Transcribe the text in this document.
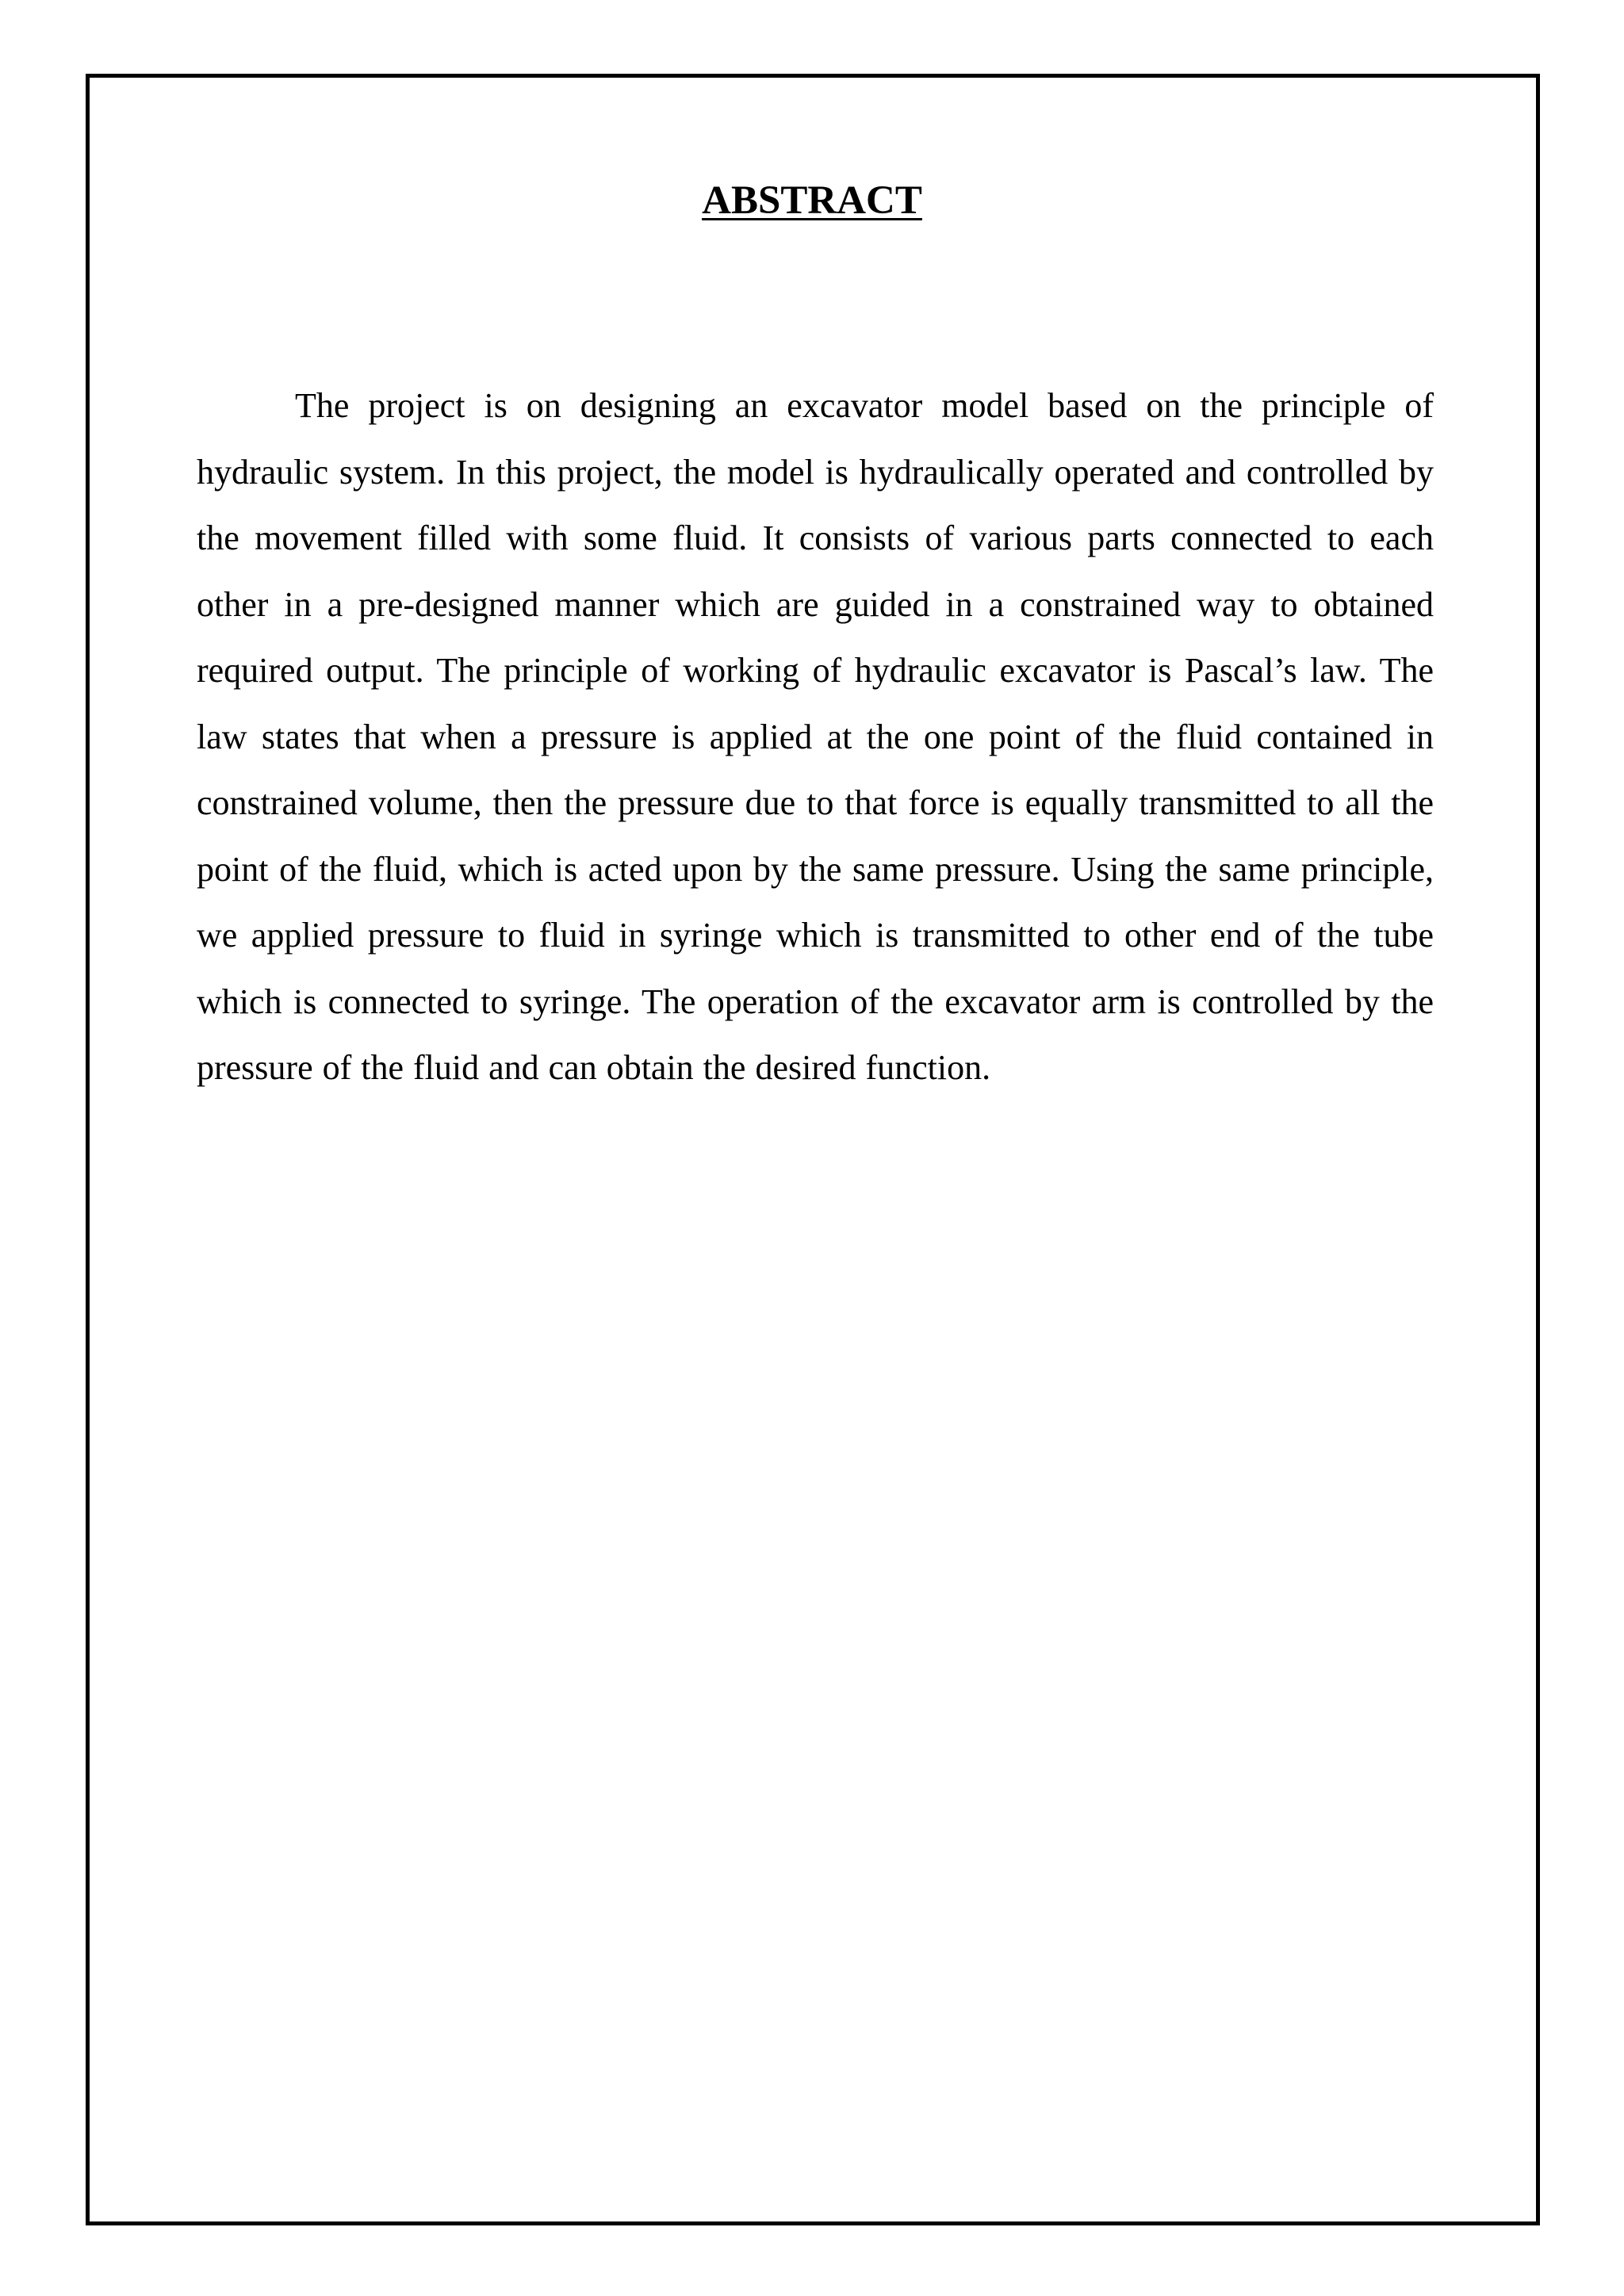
ABSTRACT

The project is on designing an excavator model based on the principle of hydraulic system. In this project, the model is hydraulically operated and controlled by the movement filled with some fluid. It consists of various parts connected to each other in a pre-designed manner which are guided in a constrained way to obtained required output. The principle of working of hydraulic excavator is Pascal’s law. The law states that when a pressure is applied at the one point of the fluid contained in constrained volume, then the pressure due to that force is equally transmitted to all the point of the fluid, which is acted upon by the same pressure. Using the same principle, we applied pressure to fluid in syringe which is transmitted to other end of the tube which is connected to syringe. The operation of the excavator arm is controlled by the pressure of the fluid and can obtain the desired function.
